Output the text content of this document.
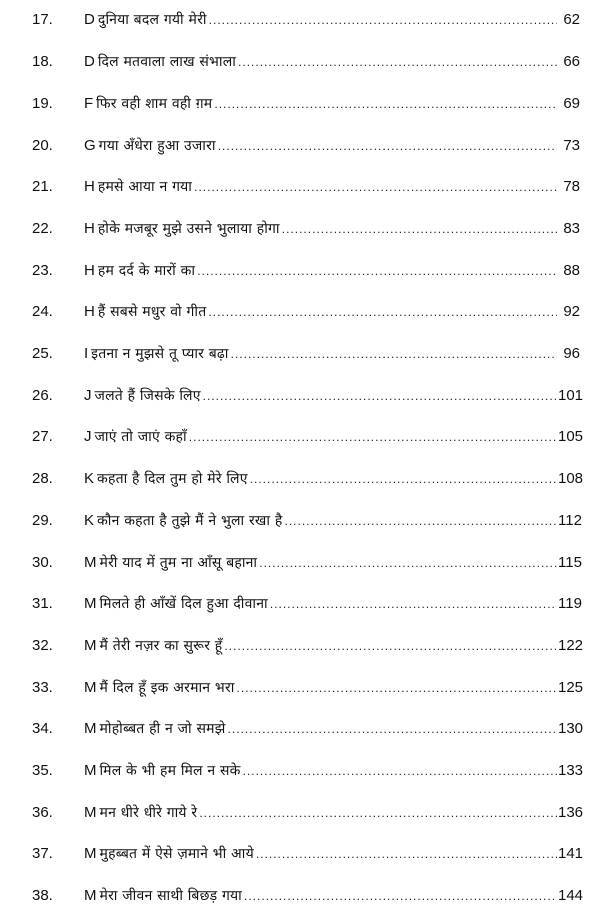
17.	D दुनिया बदल गयी मेरी .....	62
18.	D दिल मतवाला लाख संभाला .....	66
19.	F फिर वही शाम वही ग़म .....	69
20.	G गया अँधेरा हुआ उजारा .....	73
21.	H हमसे आया न गया .....	78
22.	H होके मजबूर मुझे उसने भुलाया होगा .....	83
23.	H हम दर्द के मारों का .....	88
24.	H हैं सबसे मधुर वो गीत .....	92
25.	I इतना न मुझसे तू प्यार बढ़ा .....	96
26.	J जलते हैं जिसके लिए .....	101
27.	J जाएं तो जाएं कहाँ .....	105
28.	K कहता है दिल तुम हो मेरे लिए .....	108
29.	K कौन कहता है तुझे मैं ने भुला रखा है .....	112
30.	M मेरी याद में तुम ना आँसू बहाना .....	115
31.	M मिलते ही आँखें दिल हुआ दीवाना .....	119
32.	M मैं तेरी नज़र का सुरूर हूँ .....	122
33.	M मैं दिल हूँ इक अरमान भरा .....	125
34.	M मोहोब्बत ही न जो समझे .....	130
35.	M मिल के भी हम मिल न सके .....	133
36.	M मन धीरे धीरे गाये रे .....	136
37.	M मुहब्बत में ऐसे ज़माने भी आये .....	141
38.	M मेरा जीवन साथी बिछड़ गया .....	144
